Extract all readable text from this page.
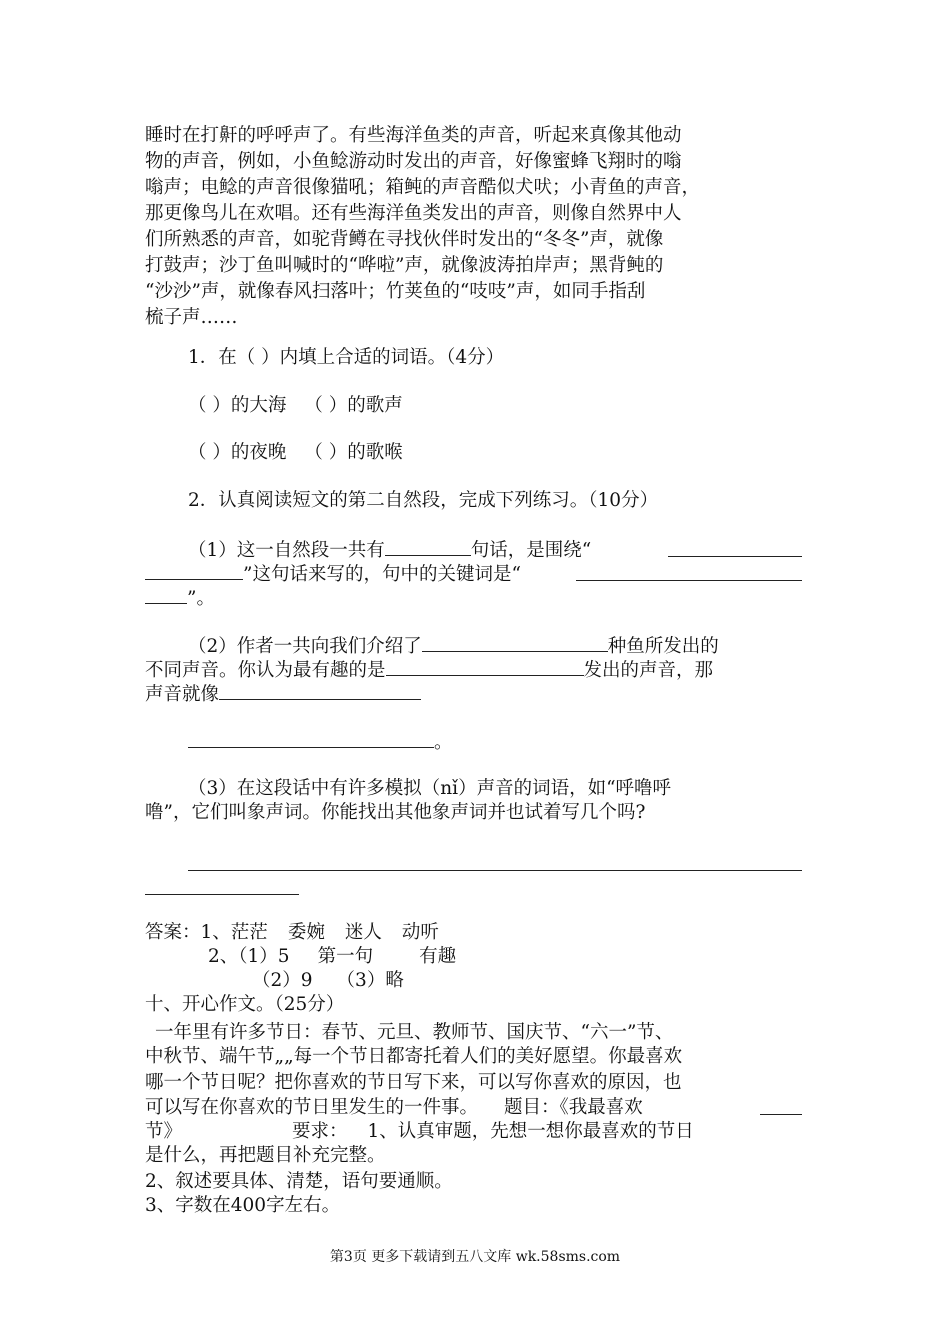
睡时在打鼾的呼呼声了。有些海洋鱼类的声音，听起来真像其他动
物的声音，例如，小鱼鲶游动时发出的声音，好像蜜蜂飞翔时的嗡
嗡声；电鲶的声音很像猫吼；箱鲀的声音酷似犬吠；小青鱼的声音，
那更像鸟儿在欢唱。还有些海洋鱼类发出的声音，则像自然界中人
们所熟悉的声音，如驼背鳟在寻找伙伴时发出的“冬冬”声，就像
打鼓声；沙丁鱼叫喊时的“哗啦”声，就像波涛拍岸声；黑背鲀的
“沙沙”声，就像春风扫落叶；竹荚鱼的“吱吱”声，如同手指刮
梳子声……
1．在（ ）内填上合适的词语。（4分）
（ ）的大海 （ ）的歌声
（ ）的夜晚 （ ）的歌喉
2．认真阅读短文的第二自然段，完成下列练习。（10分）
（1）这一自然段一共有	句话，是围绕“
”这句话来写的，句中的关键词是“
”。
（2）作者一共向我们介绍了	种鱼所发出的
不同声音。你认为最有趣的是	发出的声音，那
声音就像
。
（3）在这段话中有许多模拟（nǐ）声音的词语，如“呼噜呼
噜”，它们叫象声词。你能找出其他象声词并也试着写几个吗?
答案：1、茫茫 委婉 迷人 动听
2、（1）5 第一句 有趣
（2）9 （3）略
十、开心作文。（25分）
一年里有许多节日：春节、元旦、教师节、国庆节、“六一”节、
中秋节、端午节„„每一个节日都寄托着人们的美好愿望。你最喜欢
哪一个节日呢？把你喜欢的节日写下来，可以写你喜欢的原因，也
可以写在你喜欢的节日里发生的一件事。 题目：《我最喜欢
节》	要求： 1、认真审题，先想一想你最喜欢的节日
是什么，再把题目补充完整。
2、叙述要具体、清楚，语句要通顺。
3、字数在400字左右。
第3页 更多下载请到五八文库 wk.58sms.com
